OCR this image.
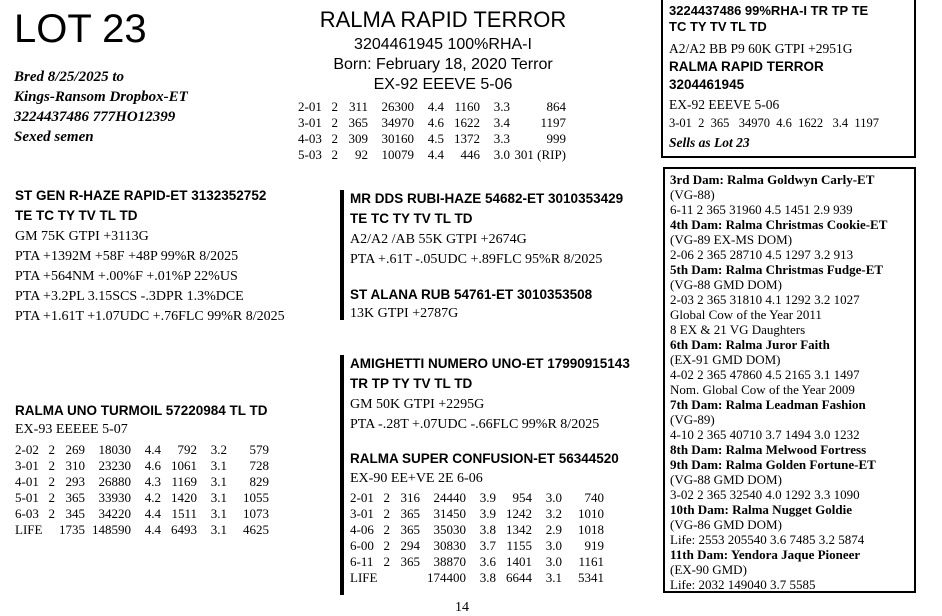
LOT 23
Bred 8/25/2025 to
Kings-Ransom Dropbox-ET
3224437486 777HO12399
Sexed semen
RALMA RAPID TERROR
3204461945 100%RHA-I
Born: February 18, 2020 Terror
EX-92 EEEVE 5-06
2-01 2 311 26300 4.4 1160 3.3	864
3-01 2 365 34970 4.6 1622 3.4 1197
4-03 2 309 30160 4.5 1372 3.3	999
5-03 2 92 10079 4.4 446 3.0 301 (RIP)
3224437486 99%RHA-I TR TP TE
TC TY TV TL TD
A2/A2 BB P9 60K GTPI +2951G
RALMA RAPID TERROR
3204461945
EX-92 EEEVE 5-06
3-01  2  365   34970  4.6  1622   3.4  1197
Sells as Lot 23
ST GEN R-HAZE RAPID-ET 3132352752
TE TC TY TV TL TD
GM 75K GTPI +3113G
PTA +1392M +58F +48P 99%R 8/2025
PTA +564NM +.00%F +.01%P 22%US
PTA +3.2PL 3.15SCS -.3DPR 1.3%DCE
PTA +1.61T +1.07UDC +.76FLC 99%R 8/2025
RALMA UNO TURMOIL 57220984 TL TD
EX-93 EEEEE 5-07
2-02 2 269 18030 4.4 792 3.2 579
3-01 2 310 23230 4.6 1061 3.1 728
4-01 2 293 26880 4.3 1169 3.1 829
5-01 2 365 33930 4.2 1420 3.1 1055
6-03 2 345 34220 4.4 1511 3.1 1073
LIFE 1735 148590 4.4 6493 3.1 4625
MR DDS RUBI-HAZE 54682-ET 3010353429
TE TC TY TV TL TD
A2/A2 /AB 55K GTPI +2674G
PTA +.61T -.05UDC +.89FLC 95%R 8/2025
ST ALANA RUB 54761-ET 3010353508
13K GTPI +2787G
AMIGHETTI NUMERO UNO-ET 17990915143
TR TP TY TV TL TD
GM 50K GTPI +2295G
PTA -.28T +.07UDC -.66FLC 99%R 8/2025
RALMA SUPER CONFUSION-ET 56344520
EX-90 EE+VE 2E 6-06
2-01 2 316 24440 3.9 954 3.0 740
3-01 2 365 31450 3.9 1242 3.2 1010
4-06 2 365 35030 3.8 1342 2.9 1018
6-00 2 294 30830 3.7 1155 3.0 919
6-11 2 365 38870 3.6 1401 3.0 1161
LIFE	174400 3.8 6644 3.1 5341
3rd Dam: Ralma Goldwyn Carly-ET
(VG-88)
6-11 2 365 31960 4.5 1451 2.9 939
4th Dam: Ralma Christmas Cookie-ET
(VG-89 EX-MS DOM)
2-06 2 365 28710 4.5 1297 3.2 913
5th Dam: Ralma Christmas Fudge-ET
(VG-88 GMD DOM)
2-03 2 365 31810 4.1 1292 3.2 1027
Global Cow of the Year 2011
8 EX & 21 VG Daughters
6th Dam: Ralma Juror Faith
(EX-91 GMD DOM)
4-02 2 365 47860 4.5 2165 3.1 1497
Nom. Global Cow of the Year 2009
7th Dam: Ralma Leadman Fashion
(VG-89)
4-10 2 365 40710 3.7 1494 3.0 1232
8th Dam: Ralma Melwood Fortress
9th Dam: Ralma Golden Fortune-ET
(VG-88 GMD DOM)
3-02 2 365 32540 4.0 1292 3.3 1090
10th Dam: Ralma Nugget Goldie
(VG-86 GMD DOM)
Life: 2553 205540 3.6 7485 3.2 5874
11th Dam: Yendora Jaque Pioneer
(EX-90 GMD)
Life: 2032 149040 3.7 5585
14
